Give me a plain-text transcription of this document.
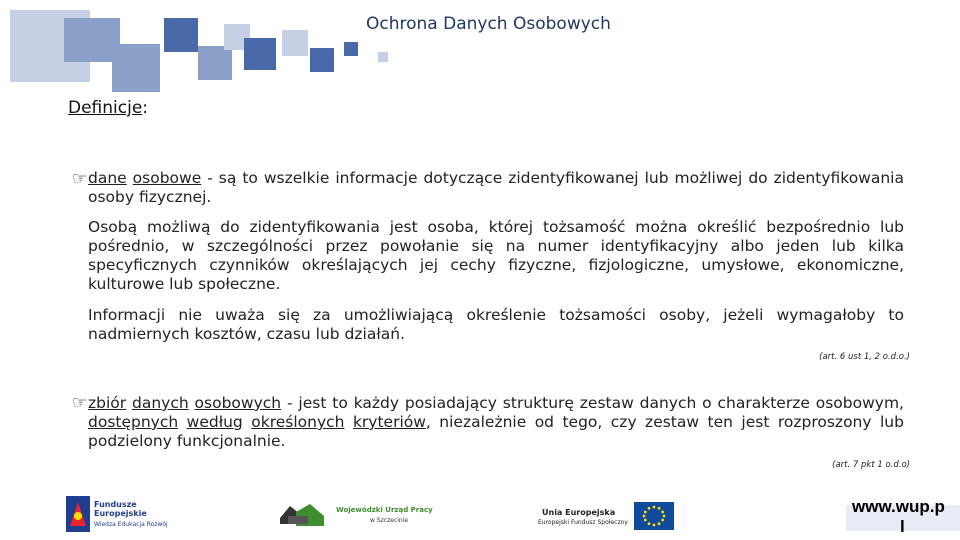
Ochrona Danych Osobowych
Definicje:
☞ dane osobowe - są to wszelkie informacje dotyczące zidentyfikowanej lub możliwej do zidentyfikowania osoby fizycznej.
Osobą możliwą do zidentyfikowania jest osoba, której tożsamość można określić bezpośrednio lub pośrednio, w szczególności przez powołanie się na numer identyfikacyjny albo jeden lub kilka specyficznych czynników określających jej cechy fizyczne, fizjologiczne, umysłowe, ekonomiczne, kulturowe lub społeczne.
Informacji nie uważa się za umożliwiającą określenie tożsamości osoby, jeżeli wymagałoby to nadmiernych kosztów, czasu lub działań.
(art. 6 ust 1, 2 o.d.o.)
☞ zbiór danych osobowych - jest to każdy posiadający strukturę zestaw danych o charakterze osobowym, dostępnych według określonych kryteriów, niezależnie od tego, czy zestaw ten jest rozproszony lub podzielony funkcjonalnie.
(art. 7 pkt 1 o.d.o)
Fundusze
Europejskie
Wiedza Edukacja Rozwój
Wojewódzki Urząd Pracy
w Szczecinie
Unia Europejska
Europejski Fundusz Społeczny
www.wup.p
l
